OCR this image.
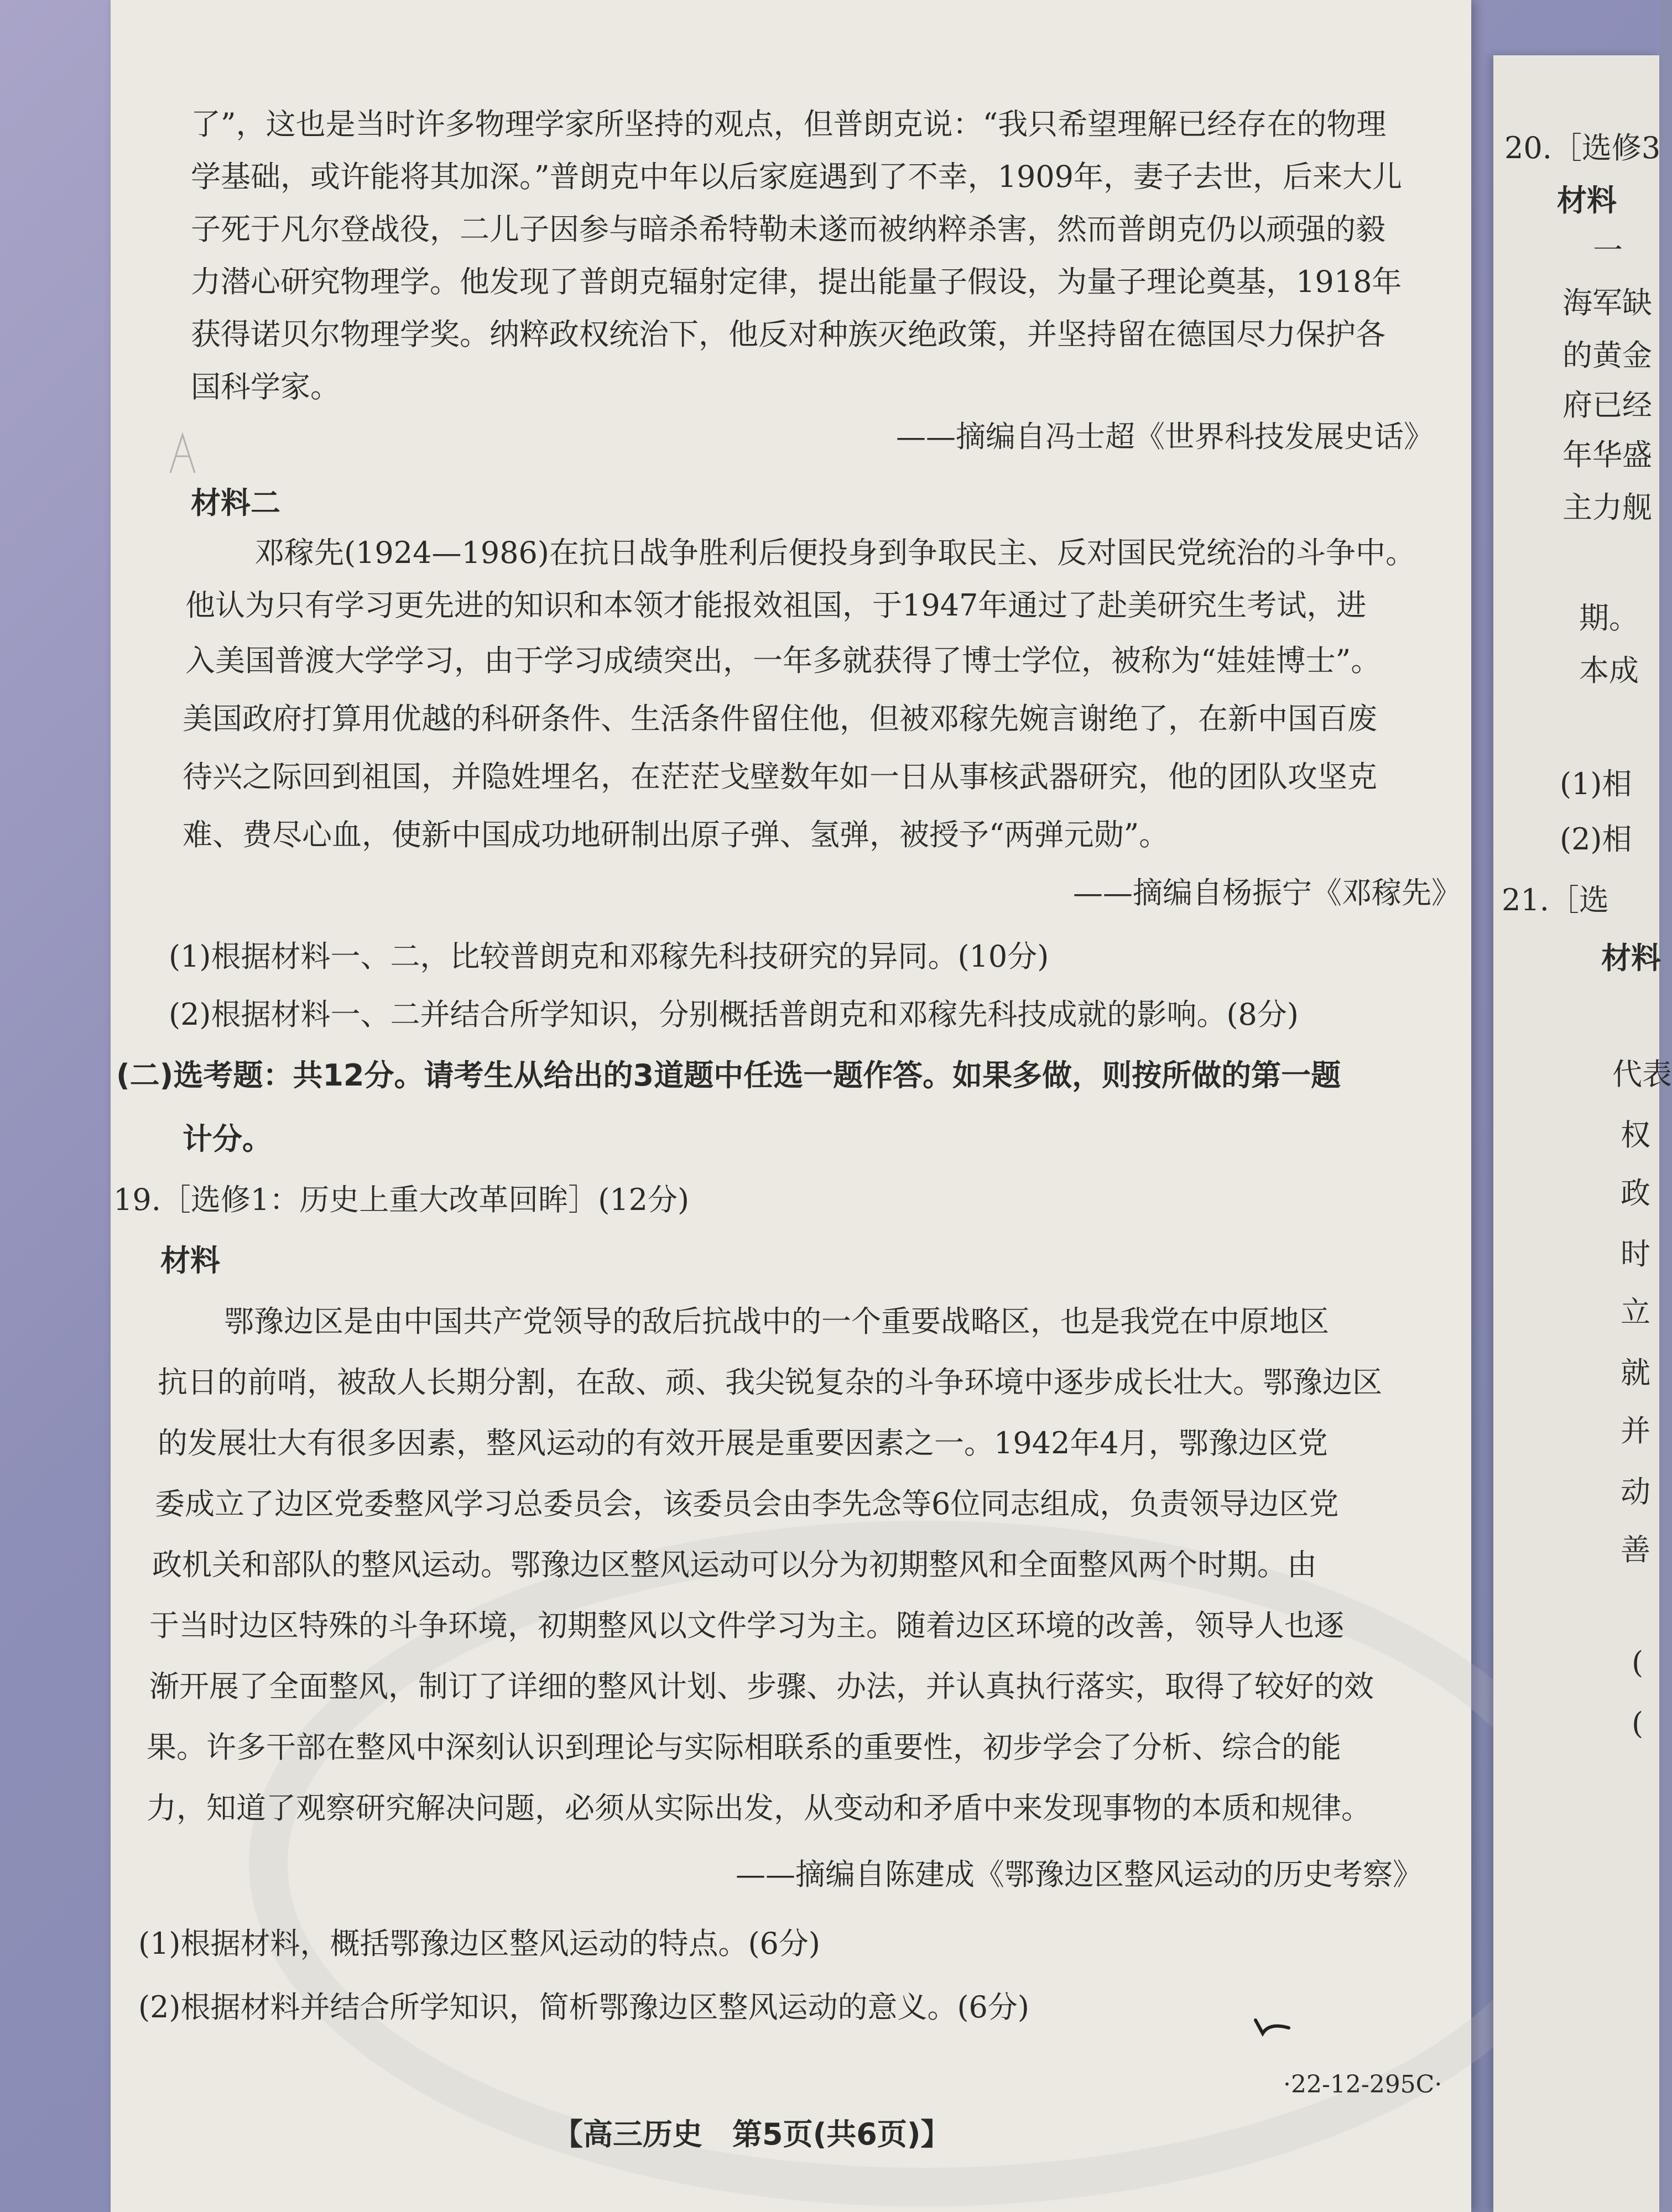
了”，这也是当时许多物理学家所坚持的观点，但普朗克说：“我只希望理解已经存在的物理
学基础，或许能将其加深。”普朗克中年以后家庭遇到了不幸，1909年，妻子去世，后来大儿
子死于凡尔登战役，二儿子因参与暗杀希特勒未遂而被纳粹杀害，然而普朗克仍以顽强的毅
力潜心研究物理学。他发现了普朗克辐射定律，提出能量子假设，为量子理论奠基，1918年
获得诺贝尔物理学奖。纳粹政权统治下，他反对种族灭绝政策，并坚持留在德国尽力保护各
国科学家。
——摘编自冯士超《世界科技发展史话》
材料二
邓稼先(1924—1986)在抗日战争胜利后便投身到争取民主、反对国民党统治的斗争中。
他认为只有学习更先进的知识和本领才能报效祖国，于1947年通过了赴美研究生考试，进
入美国普渡大学学习，由于学习成绩突出，一年多就获得了博士学位，被称为“娃娃博士”。
美国政府打算用优越的科研条件、生活条件留住他，但被邓稼先婉言谢绝了，在新中国百废
待兴之际回到祖国，并隐姓埋名，在茫茫戈壁数年如一日从事核武器研究，他的团队攻坚克
难、费尽心血，使新中国成功地研制出原子弹、氢弹，被授予“两弹元勋”。
——摘编自杨振宁《邓稼先》
(1)根据材料一、二，比较普朗克和邓稼先科技研究的异同。(10分)
(2)根据材料一、二并结合所学知识，分别概括普朗克和邓稼先科技成就的影响。(8分)
(二)选考题：共12分。请考生从给出的3道题中任选一题作答。如果多做，则按所做的第一题
计分。
19.［选修1：历史上重大改革回眸］(12分)
材料
鄂豫边区是由中国共产党领导的敌后抗战中的一个重要战略区，也是我党在中原地区
抗日的前哨，被敌人长期分割，在敌、顽、我尖锐复杂的斗争环境中逐步成长壮大。鄂豫边区
的发展壮大有很多因素，整风运动的有效开展是重要因素之一。1942年4月，鄂豫边区党
委成立了边区党委整风学习总委员会，该委员会由李先念等6位同志组成，负责领导边区党
政机关和部队的整风运动。鄂豫边区整风运动可以分为初期整风和全面整风两个时期。由
于当时边区特殊的斗争环境，初期整风以文件学习为主。随着边区环境的改善，领导人也逐
渐开展了全面整风，制订了详细的整风计划、步骤、办法，并认真执行落实，取得了较好的效
果。许多干部在整风中深刻认识到理论与实际相联系的重要性，初步学会了分析、综合的能
力，知道了观察研究解决问题，必须从实际出发，从变动和矛盾中来发现事物的本质和规律。
——摘编自陈建成《鄂豫边区整风运动的历史考察》
(1)根据材料，概括鄂豫边区整风运动的特点。(6分)
(2)根据材料并结合所学知识，简析鄂豫边区整风运动的意义。(6分)
【高三历史　第5页(共6页)】
·22-12-295C·
20.［选修3
材料
一
海军缺
的黄金
府已经
年华盛
主力舰
期。
本成
(1)相
(2)相
21.［选
材料
代表
权
政
时
立
就
并
动
善
(
(
